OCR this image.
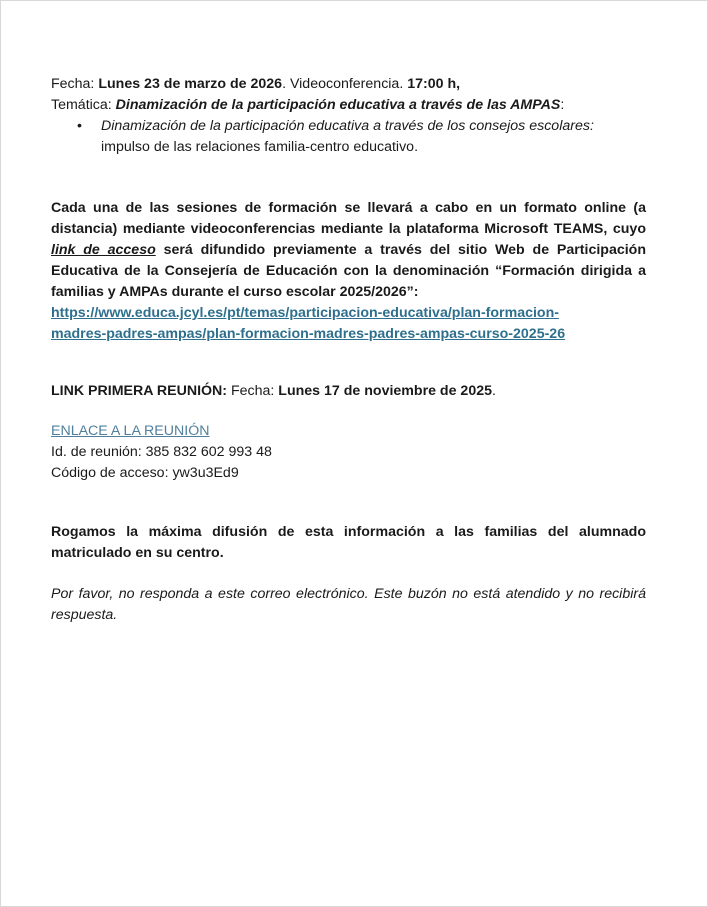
Fecha: Lunes 23 de marzo de 2026. Videoconferencia. 17:00 h,
Temática: Dinamización de la participación educativa a través de las AMPAS:
•	Dinamización de la participación educativa a través de los consejos escolares:
impulso de las relaciones familia-centro educativo.
Cada una de las sesiones de formación se llevará a cabo en un formato online (a distancia) mediante videoconferencias mediante la plataforma Microsoft TEAMS, cuyo link de acceso será difundido previamente a través del sitio Web de Participación Educativa de la Consejería de Educación con la denominación “Formación dirigida a familias y AMPAs durante el curso escolar 2025/2026”:
https://www.educa.jcyl.es/pt/temas/participacion-educativa/plan-formacion-
madres-padres-ampas/plan-formacion-madres-padres-ampas-curso-2025-26
LINK PRIMERA REUNIÓN: Fecha: Lunes 17 de noviembre de 2025.
ENLACE A LA REUNIÓN
Id. de reunión: 385 832 602 993 48
Código de acceso: yw3u3Ed9
Rogamos la máxima difusión de esta información a las familias del alumnado matriculado en su centro.
Por favor, no responda a este correo electrónico. Este buzón no está atendido y no recibirá respuesta.
